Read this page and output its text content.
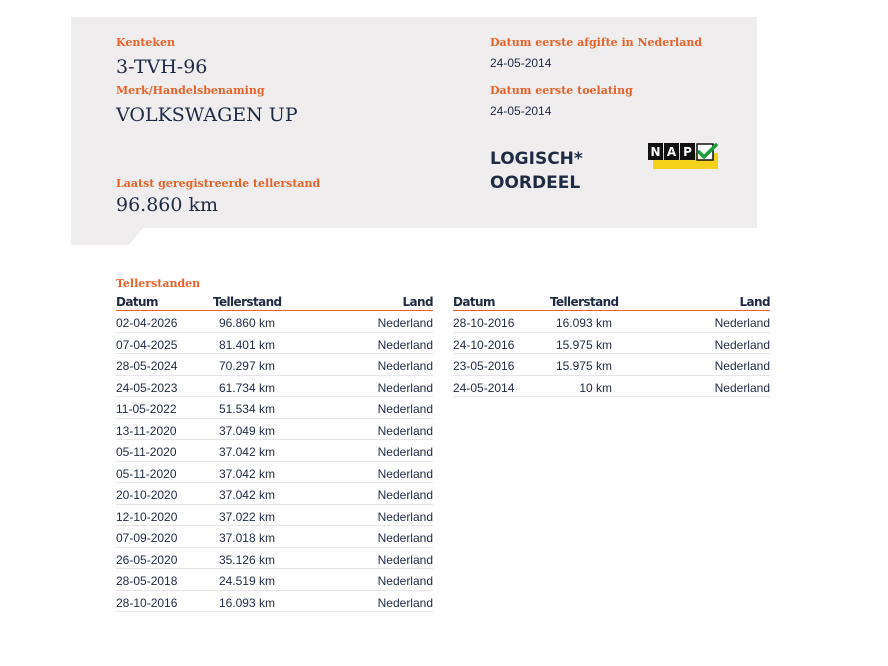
Kenteken
3-TVH-96
Merk/Handelsbenaming
VOLKSWAGEN UP
Laatst geregistreerde tellerstand
96.860 km
Datum eerste afgifte in Nederland
24-05-2014
Datum eerste toelating
24-05-2014
LOGISCH*
OORDEEL
N A P
Tellerstanden
Datum	Tellerstand	Land
02-04-2026	96.860 km	Nederland
07-04-2025	81.401 km	Nederland
28-05-2024	70.297 km	Nederland
24-05-2023	61.734 km	Nederland
11-05-2022	51.534 km	Nederland
13-11-2020	37.049 km	Nederland
05-11-2020	37.042 km	Nederland
05-11-2020	37.042 km	Nederland
20-10-2020	37.042 km	Nederland
12-10-2020	37.022 km	Nederland
07-09-2020	37.018 km	Nederland
26-05-2020	35.126 km	Nederland
28-05-2018	24.519 km	Nederland
28-10-2016	16.093 km	Nederland
Datum	Tellerstand	Land
28-10-2016	16.093 km	Nederland
24-10-2016	15.975 km	Nederland
23-05-2016	15.975 km	Nederland
24-05-2014	10 km	Nederland
